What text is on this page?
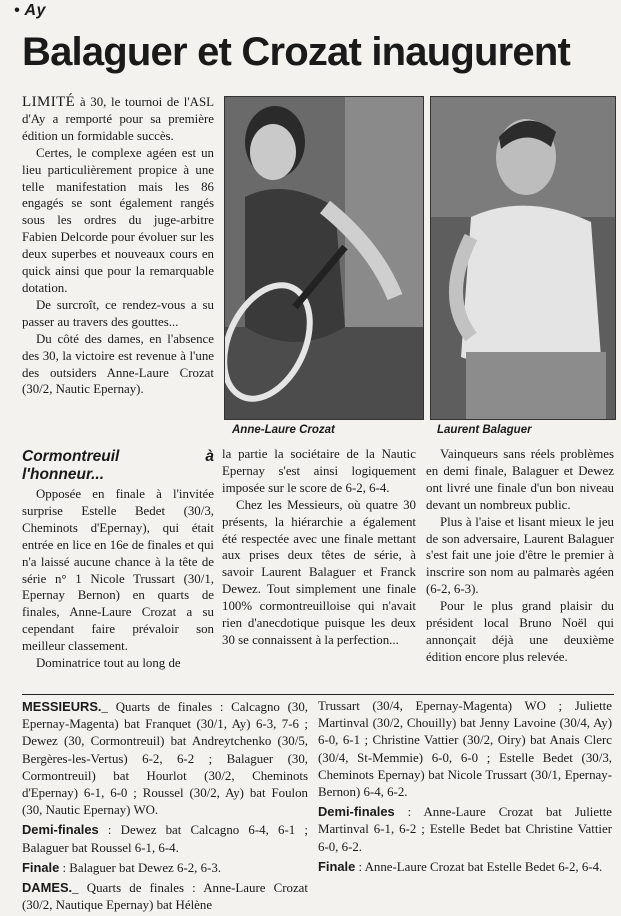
• Ay
Balaguer et Crozat inaugurent

LIMITÉ à 30, le tournoi de l'ASL d'Ay a remporté pour sa première édition un formidable succès.

Certes, le complexe agéen est un lieu particulièrement propice à une telle manifestation mais les 86 engagés se sont également rangés sous les ordres du juge-arbitre Fabien Delcorde pour évoluer sur les deux superbes et nouveaux cours en quick ainsi que pour la remarquable dotation.

De surcroît, ce rendez-vous a su passer au travers des gouttes...

Du côté des dames, en l'absence des 30, la victoire est revenue à l'une des outsiders Anne-Laure Crozat (30/2, Nautic Epernay).

Anne-Laure Crozat	Laurent Balaguer
Cormontreuil à l'honneur...

Opposée en finale à l'invitée surprise Estelle Bedet (30/3, Cheminots d'Epernay), qui était entrée en lice en 16e de finales et qui n'a laissé aucune chance à la tête de série n° 1 Nicole Trussart (30/1, Epernay Bernon) en quarts de finales, Anne-Laure Crozat a su cependant faire prévaloir son meilleur classement.

Dominatrice tout au long de

la partie la sociétaire de la Nautic Epernay s'est ainsi logiquement imposée sur le score de 6-2, 6-4.

Chez les Messieurs, où quatre 30 présents, la hiérarchie a également été respectée avec une finale mettant aux prises deux têtes de série, à savoir Laurent Balaguer et Franck Dewez. Tout simplement une finale 100% cormontreuilloise qui n'avait rien d'anecdotique puisque les deux 30 se connaissent à la perfection...

Vainqueurs sans réels problèmes en demi finale, Balaguer et Dewez ont livré une finale d'un bon niveau devant un nombreux public.

Plus à l'aise et lisant mieux le jeu de son adversaire, Laurent Balaguer s'est fait une joie d'être le premier à inscrire son nom au palmarès agéen (6-2, 6-3).

Pour le plus grand plaisir du président local Bruno Noël qui annonçait déjà une deuxième édition encore plus relevée.

MESSIEURS._ Quarts de finales : Calcagno (30, Epernay-Magenta) bat Franquet (30/1, Ay) 6-3, 7-6 ; Dewez (30, Cormontreuil) bat Andreytchenko (30/5, Bergères-les-Vertus) 6-2, 6-2 ; Balaguer (30, Cormontreuil) bat Hourlot (30/2, Cheminots d'Epernay) 6-1, 6-0 ; Roussel (30/2, Ay) bat Foulon (30, Nautic Epernay) WO.

Demi-finales : Dewez bat Calcagno 6-4, 6-1 ; Balaguer bat Roussel 6-1, 6-4.

Finale : Balaguer bat Dewez 6-2, 6-3.

DAMES._ Quarts de finales : Anne-Laure Crozat (30/2, Nautique Epernay) bat Hélène

Trussart (30/4, Epernay-Magenta) WO ; Juliette Martinval (30/2, Chouilly) bat Jenny Lavoine (30/4, Ay) 6-0, 6-1 ; Christine Vattier (30/2, Oiry) bat Anais Clerc (30/4, St-Memmie) 6-0, 6-0 ; Estelle Bedet (30/3, Cheminots Epernay) bat Nicole Trussart (30/1, Epernay-Bernon) 6-4, 6-2.

Demi-finales : Anne-Laure Crozat bat Juliette Martinval 6-1, 6-2 ; Estelle Bedet bat Christine Vattier 6-0, 6-2.

Finale : Anne-Laure Crozat bat Estelle Bedet 6-2, 6-4.
